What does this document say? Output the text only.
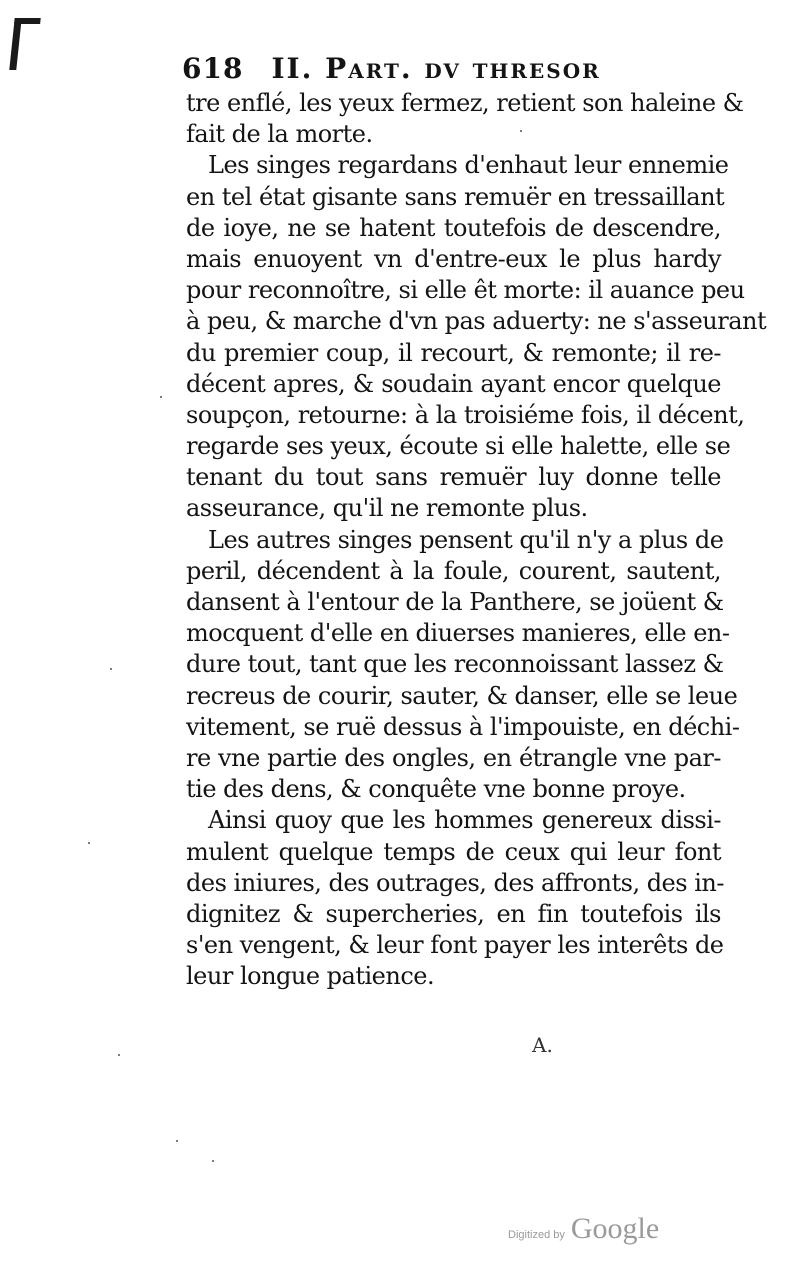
618 II. Part. dv thresor
tre enflé, les yeux fermez, retient son haleine &
fait de la morte.
Les singes regardans d'enhaut leur ennemie
en tel état gisante sans remuër en tressaillant
de ioye, ne se hatent toutefois de descendre,
mais enuoyent vn d'entre-eux le plus hardy
pour reconnoître, si elle êt morte: il auance peu
à peu, & marche d'vn pas aduerty: ne s'asseurant
du premier coup, il recourt, & remonte; il re-
décent apres, & soudain ayant encor quelque
soupçon, retourne: à la troisiéme fois, il décent,
regarde ses yeux, écoute si elle halette, elle se
tenant du tout sans remuër luy donne telle
asseurance, qu'il ne remonte plus.
Les autres singes pensent qu'il n'y a plus de
peril, décendent à la foule, courent, sautent,
dansent à l'entour de la Panthere, se joüent &
mocquent d'elle en diuerses manieres, elle en-
dure tout, tant que les reconnoissant lassez &
recreus de courir, sauter, & danser, elle se leue
vitement, se ruë dessus à l'impouiste, en déchi-
re vne partie des ongles, en étrangle vne par-
tie des dens, & conquête vne bonne proye.
Ainsi quoy que les hommes genereux dissi-
mulent quelque temps de ceux qui leur font
des iniures, des outrages, des affronts, des in-
dignitez & supercheries, en fin toutefois ils
s'en vengent, & leur font payer les interêts de
leur longue patience.
A.
Digitized by Google
